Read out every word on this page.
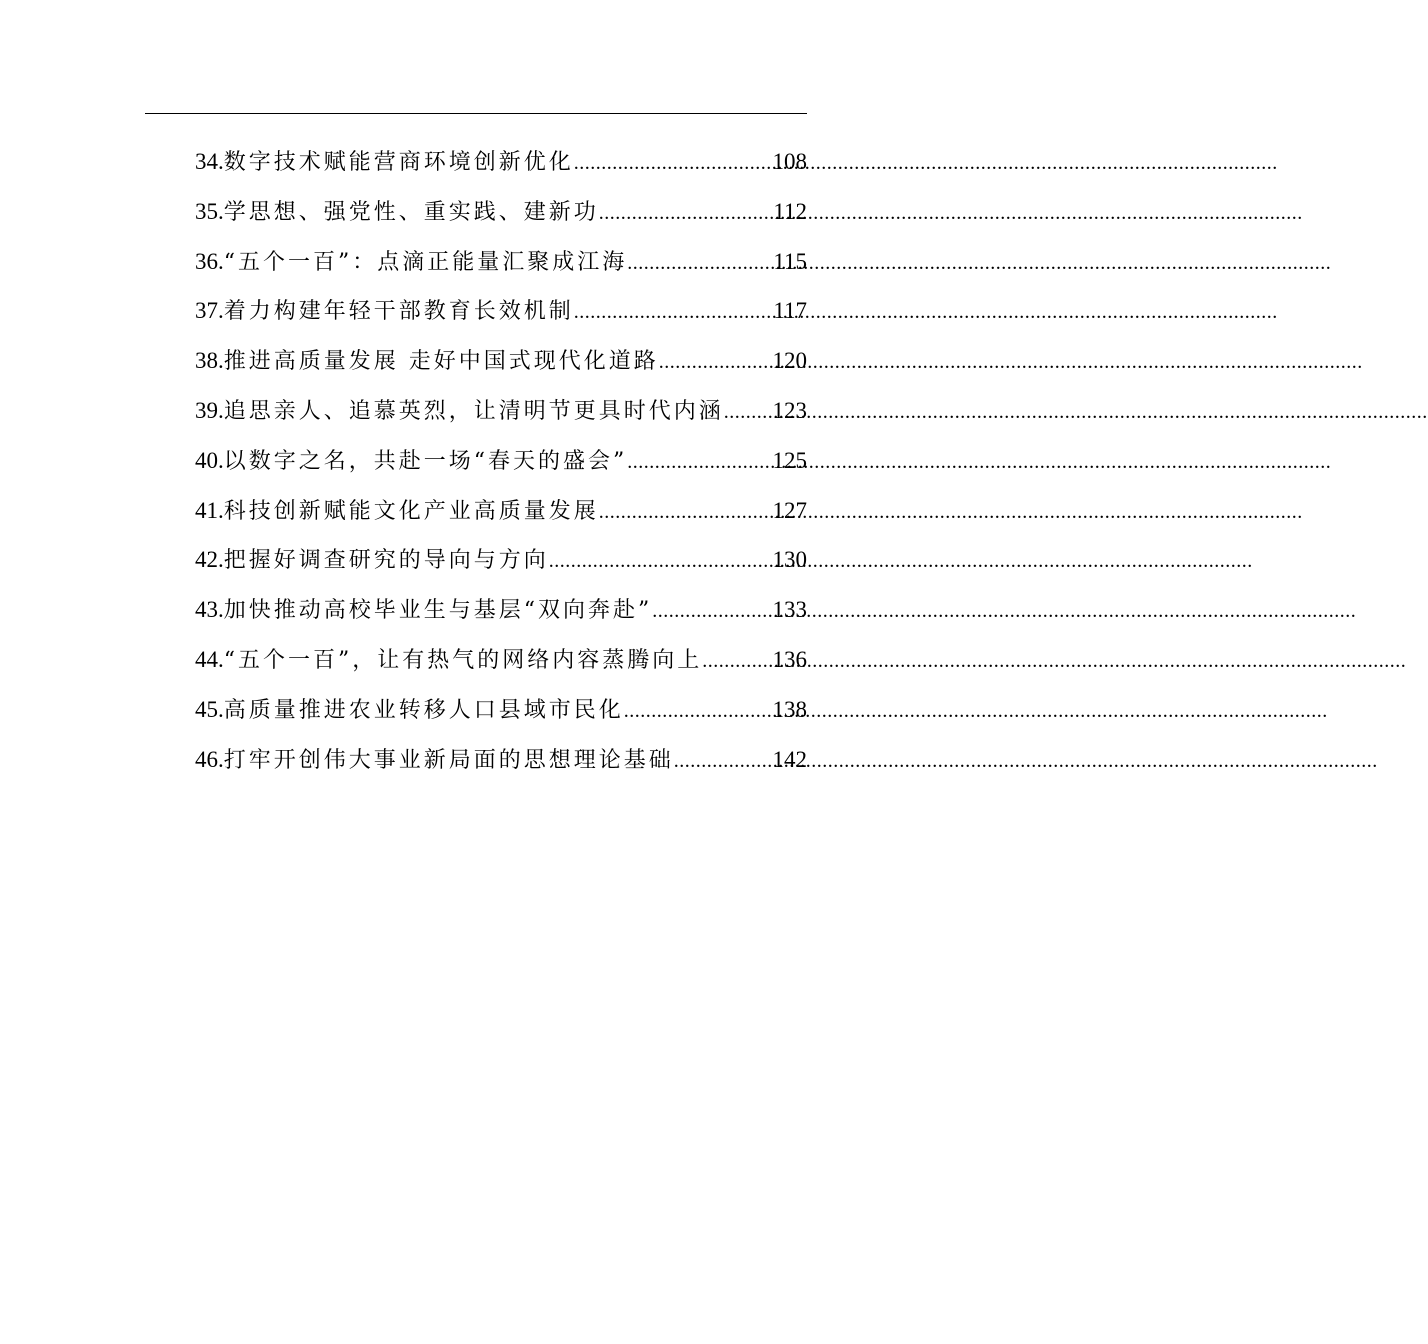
34. 数字技术赋能营商环境创新优化 .....	108
35. 学思想、强党性、重实践、建新功 .....	112
36. “五个一百”：点滴正能量汇聚成江海 .....	115
37. 着力构建年轻干部教育长效机制 .....	117
38. 推进高质量发展 走好中国式现代化道路 .....	120
39. 追思亲人、追慕英烈，让清明节更具时代内涵 ..... 123
40. 以数字之名，共赴一场“春天的盛会” .....	125
41. 科技创新赋能文化产业高质量发展 .....	127
42. 把握好调查研究的导向与方向 .....	130
43. 加快推动高校毕业生与基层“双向奔赴” .....	133
44. “五个一百”，让有热气的网络内容蒸腾向上 .....	136
45. 高质量推进农业转移人口县域市民化 .....	138
46. 打牢开创伟大事业新局面的思想理论基础 .....	142
